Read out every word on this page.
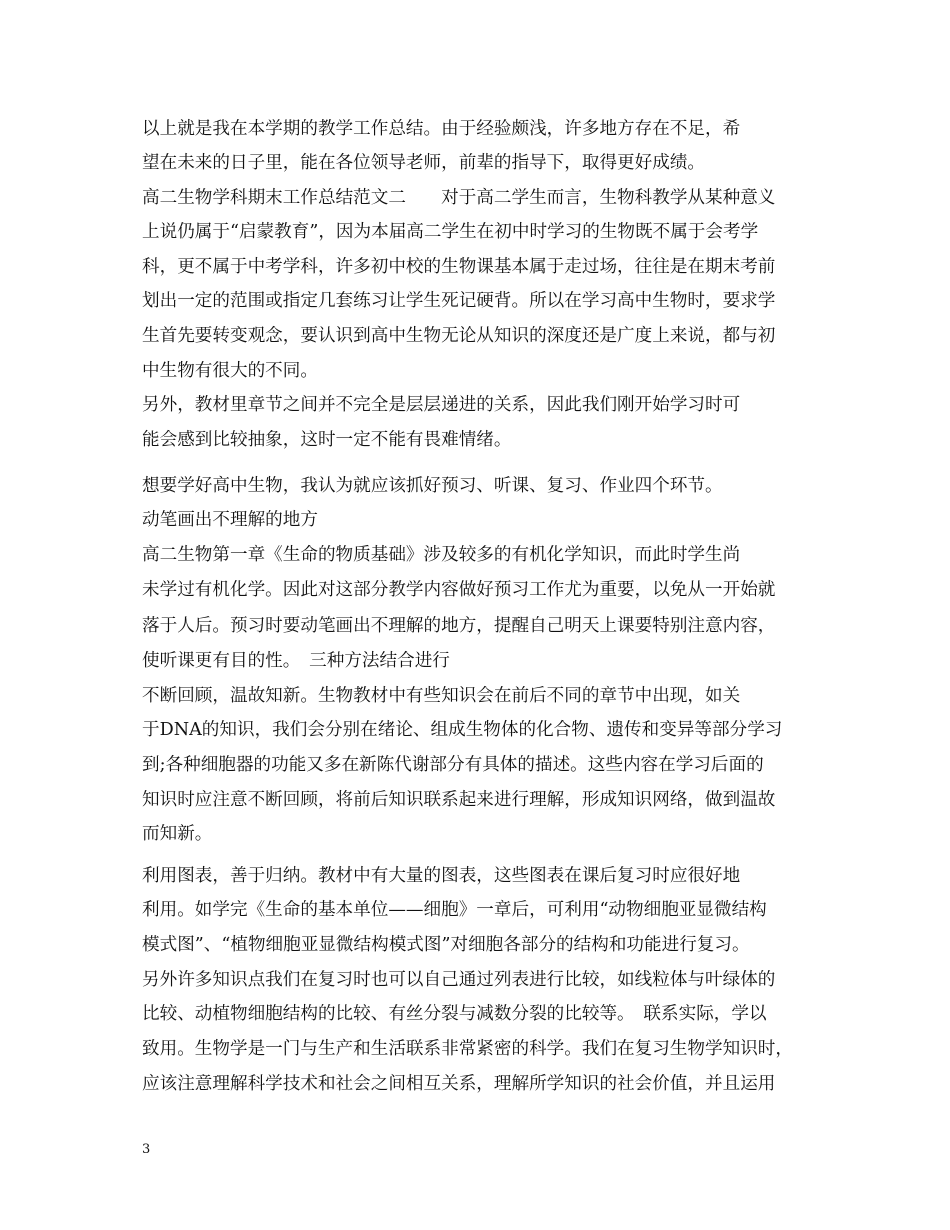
以上就是我在本学期的教学工作总结。由于经验颇浅，许多地方存在不足，希
望在未来的日子里，能在各位领导老师，前辈的指导下，取得更好成绩。
高二生物学科期末工作总结范文二　　对于高二学生而言，生物科教学从某种意义
上说仍属于“启蒙教育”，因为本届高二学生在初中时学习的生物既不属于会考学
科，更不属于中考学科，许多初中校的生物课基本属于走过场，往往是在期末考前
划出一定的范围或指定几套练习让学生死记硬背。所以在学习高中生物时，要求学
生首先要转变观念，要认识到高中生物无论从知识的深度还是广度上来说，都与初
中生物有很大的不同。
另外，教材里章节之间并不完全是层层递进的关系，因此我们刚开始学习时可
能会感到比较抽象，这时一定不能有畏难情绪。
想要学好高中生物，我认为就应该抓好预习、听课、复习、作业四个环节。
动笔画出不理解的地方
高二生物第一章《生命的物质基础》涉及较多的有机化学知识，而此时学生尚
未学过有机化学。因此对这部分教学内容做好预习工作尤为重要，以免从一开始就
落于人后。预习时要动笔画出不理解的地方，提醒自己明天上课要特别注意内容，
使听课更有目的性。　三种方法结合进行
不断回顾，温故知新。生物教材中有些知识会在前后不同的章节中出现，如关
于DNA的知识，我们会分别在绪论、组成生物体的化合物、遗传和变异等部分学习
到;各种细胞器的功能又多在新陈代谢部分有具体的描述。这些内容在学习后面的
知识时应注意不断回顾，将前后知识联系起来进行理解，形成知识网络，做到温故
而知新。
利用图表，善于归纳。教材中有大量的图表，这些图表在课后复习时应很好地
利用。如学完《生命的基本单位——细胞》一章后，可利用“动物细胞亚显微结构
模式图”、“植物细胞亚显微结构模式图”对细胞各部分的结构和功能进行复习。
另外许多知识点我们在复习时也可以自己通过列表进行比较，如线粒体与叶绿体的
比较、动植物细胞结构的比较、有丝分裂与减数分裂的比较等。　联系实际，学以
致用。生物学是一门与生产和生活联系非常紧密的科学。我们在复习生物学知识时，
应该注意理解科学技术和社会之间相互关系，理解所学知识的社会价值，并且运用
3
